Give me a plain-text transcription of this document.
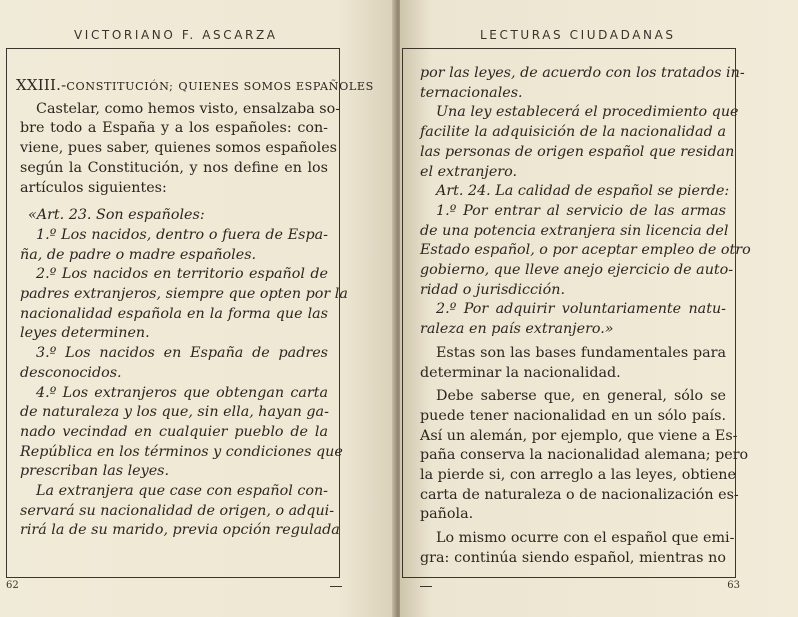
VICTORIANO F. ASCARZA
XXIII.-CONSTITUCIÓN; QUIENES SOMOS ESPAÑOLES
Castelar, como hemos visto, ensalzaba so-
bre todo a España y a los españoles: con-
viene, pues saber, quienes somos españoles
según la Constitución, y nos define en los
artículos siguientes:
«Art. 23. Son españoles:
1.º Los nacidos, dentro o fuera de Espa-
ña, de padre o madre españoles.
2.º Los nacidos en territorio español de
padres extranjeros, siempre que opten por la
nacionalidad española en la forma que las
leyes determinen.
3.º Los nacidos en España de padres
desconocidos.
4.º Los extranjeros que obtengan carta
de naturaleza y los que, sin ella, hayan ga-
nado vecindad en cualquier pueblo de la
República en los términos y condiciones que
prescriban las leyes.
La extranjera que case con español con-
servará su nacionalidad de origen, o adqui-
rirá la de su marido, previa opción regulada
62
LECTURAS CIUDADANAS
por las leyes, de acuerdo con los tratados in-
ternacionales.
Una ley establecerá el procedimiento que
facilite la adquisición de la nacionalidad a
las personas de origen español que residan
el extranjero.
Art. 24. La calidad de español se pierde:
1.º Por entrar al servicio de las armas
de una potencia extranjera sin licencia del
Estado español, o por aceptar empleo de otro
gobierno, que lleve anejo ejercicio de auto-
ridad o jurisdicción.
2.º Por adquirir voluntariamente natu-
raleza en país extranjero.»
Estas son las bases fundamentales para
determinar la nacionalidad.
Debe saberse que, en general, sólo se
puede tener nacionalidad en un sólo país.
Así un alemán, por ejemplo, que viene a Es-
paña conserva la nacionalidad alemana; pero
la pierde si, con arreglo a las leyes, obtiene
carta de naturaleza o de nacionalización es-
pañola.
Lo mismo ocurre con el español que emi-
gra: continúa siendo español, mientras no
63
